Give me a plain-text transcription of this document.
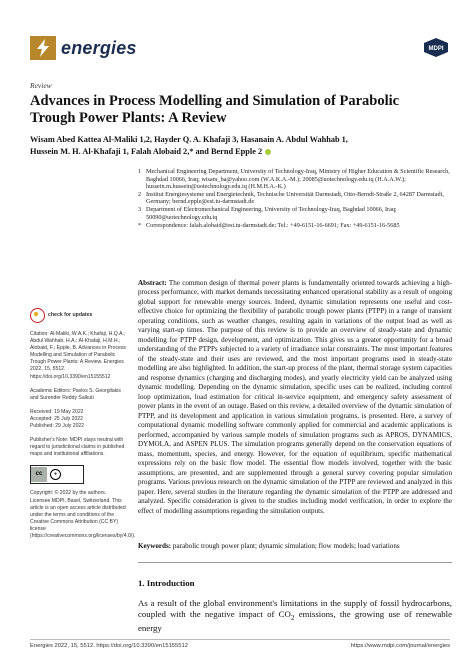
energies	MDPI
Review
Advances in Process Modelling and Simulation of Parabolic Trough Power Plants: A Review
Wisam Abed Kattea Al-Maliki 1,2, Hayder Q. A. Khafaji 3, Hasanain A. Abdul Wahhab 1,
Hussein M. H. Al-Khafaji 1, Falah Alobaid 2,* and Bernd Epple 2
1 Mechanical Engineering Department, University of Technology-Iraq, Ministry of Higher Education & Scientific Research, Baghdad 10066, Iraq; wisam_ba@yahoo.com (W.A.K.A.-M.); 20085@uotechnology.edu.iq (H.A.A.W.); hussein.m.hussein@uotechnology.edu.iq (H.M.H.A.-K.)
2 Institut Energiesysteme und Energietechnik, Technische Universität Darmstadt, Otto-Berndt-Straße 2, 64287 Darmstadt, Germany; bernd.epple@est.tu-darmstadt.de
3 Department of Electromechanical Engineering, University of Technology-Iraq, Baghdad 10066, Iraq; 50090@uotechnology.edu.iq
* Correspondence: falah.alobaid@est.tu-darmstadt.de; Tel.: +49-6151-16-6691; Fax: +49-6151-16-5685
check for updates
Citation: Al-Maliki, W.A.K.; Khafaji, H.Q.A.; Abdul Wahhab, H.A.; Al-Khafaji, H.M.H.; Alobaid, F.; Epple, B. Advances in Process Modelling and Simulation of Parabolic Trough Power Plants: A Review. Energies 2022, 15, 5512. https://doi.org/10.3390/en15155512
Academic Editors: Pavlos S. Georgilakis and Surender Reddy Salkuti
Received: 19 May 2022
Accepted: 25 July 2022
Published: 29 July 2022
Publisher's Note: MDPI stays neutral with regard to jurisdictional claims in published maps and institutional affiliations.
cc	●
Copyright: © 2022 by the authors. Licensee MDPI, Basel, Switzerland. This article is an open access article distributed under the terms and conditions of the Creative Commons Attribution (CC BY) license (https://creativecommons.org/licenses/by/4.0/).
Abstract: The common design of thermal power plants is fundamentally oriented towards achieving a high-process performance, with market demands necessitating enhanced operational stability as a result of ongoing global support for renewable energy sources. Indeed, dynamic simulation represents one useful and cost-effective choice for optimizing the flexibility of parabolic trough power plants (PTPP) in a range of transient operating conditions, such as weather changes, resulting again in variations of the output load as well as varying start-up times. The purpose of this review is to provide an overview of steady-state and dynamic modelling for PTPP design, development, and optimization. This gives us a greater opportunity for a broad understanding of the PTPPs subjected to a variety of irradiance solar constraints. The most important features of the steady-state and their uses are reviewed, and the most important programs used in steady-state modelling are also highlighted. In addition, the start-up process of the plant, thermal storage system capacities and response dynamics (charging and discharging modes), and yearly electricity yield can be analyzed using dynamic modelling. Depending on the dynamic simulation, specific uses can be realized, including control loop optimization, load estimation for critical in-service equipment, and emergency safety assessment of power plants in the event of an outage. Based on this review, a detailed overview of the dynamic simulation of PTPP, and its development and application in various simulation programs, is presented. Here, a survey of computational dynamic modelling software commonly applied for commercial and academic applications is performed, accompanied by various sample models of simulation programs such as APROS, DYNAMICS, DYMOLA, and ASPEN PLUS. The simulation programs generally depend on the conservation equations of mass, momentum, species, and energy. However, for the equation of equilibrium, specific mathematical expressions rely on the basic flow model. The essential flow models involved, together with the basic assumptions, are presented, and are supplemented through a general survey covering popular simulation programs. Various previous research on the dynamic simulation of the PTPP are reviewed and analyzed in this paper. Here, several studies in the literature regarding the dynamic simulation of the PTPP are addressed and analyzed. Specific consideration is given to the studies including model verification, in order to explore the effect of modelling assumptions regarding the simulation outputs.
Keywords: parabolic trough power plant; dynamic simulation; flow models; load variations
1. Introduction
As a result of the global environment's limitations in the supply of fossil hydrocarbons, coupled with the negative impact of $CO_2$ emissions, the growing use of renewable energy
Energies 2022, 15, 5512. https://doi.org/10.3390/en15155512	https://www.mdpi.com/journal/energies
